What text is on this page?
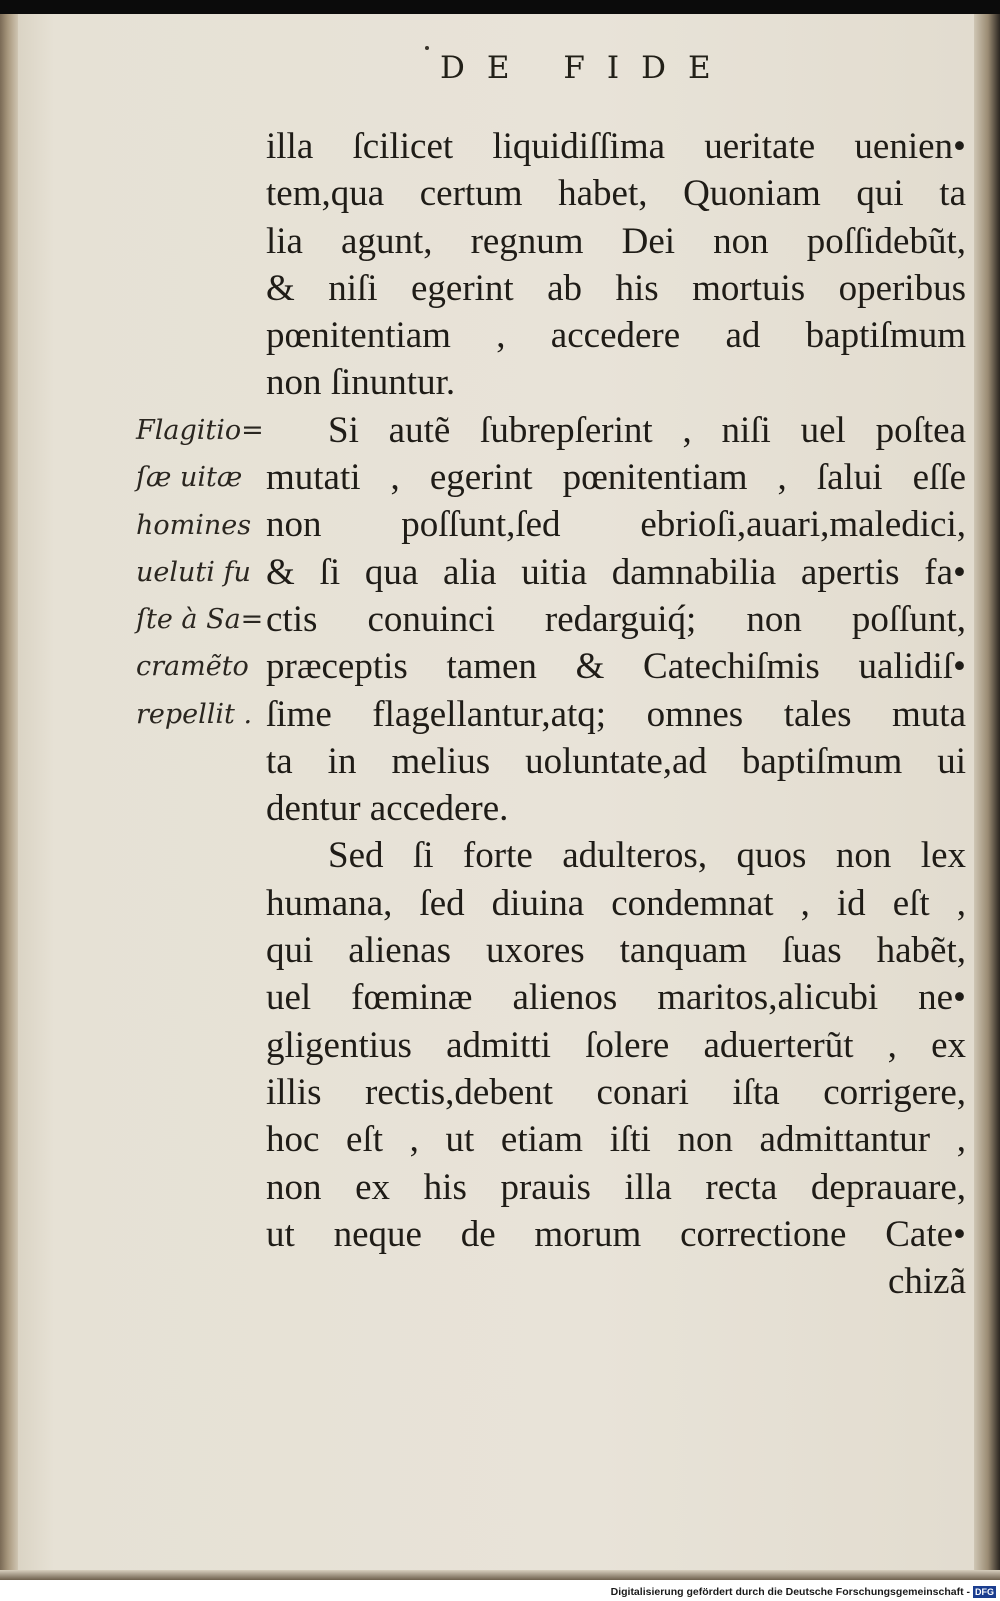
DE FIDE
Flagitio=
ſæ uitæ
homines
ueluti fu
ſte à Sa=
cramẽto
repellit .
illa ſcilicet liquidiſſima ueritate uenien•
tem,qua certum habet, Quoniam qui ta
lia agunt, regnum Dei non poſſidebũt,
& niſi egerint ab his mortuis operibus
pœnitentiam , accedere ad baptiſmum
non ſinuntur.
Si autẽ ſubrepſerint , niſi uel poſtea
mutati , egerint pœnitentiam , ſalui eſſe
non poſſunt,ſed ebrioſi,auari,maledici,
& ſi qua alia uitia damnabilia apertis fa•
ctis conuinci redarguiq́; non poſſunt,
præceptis tamen & Catechiſmis ualidiſ•
ſime flagellantur,atq; omnes tales muta
ta in melius uoluntate,ad baptiſmum ui
dentur accedere.
Sed ſi forte adulteros, quos non lex
humana, ſed diuina condemnat , id eſt ,
qui alienas uxores tanquam ſuas habẽt,
uel fœminæ alienos maritos,alicubi ne•
gligentius admitti ſolere aduerterũt , ex
illis rectis,debent conari iſta corrigere,
hoc eſt , ut etiam iſti non admittantur ,
non ex his prauis illa recta deprauare,
ut neque de morum correctione Cate•
chizã
Digitalisierung gefördert durch die Deutsche Forschungsgemeinschaft - DFG
